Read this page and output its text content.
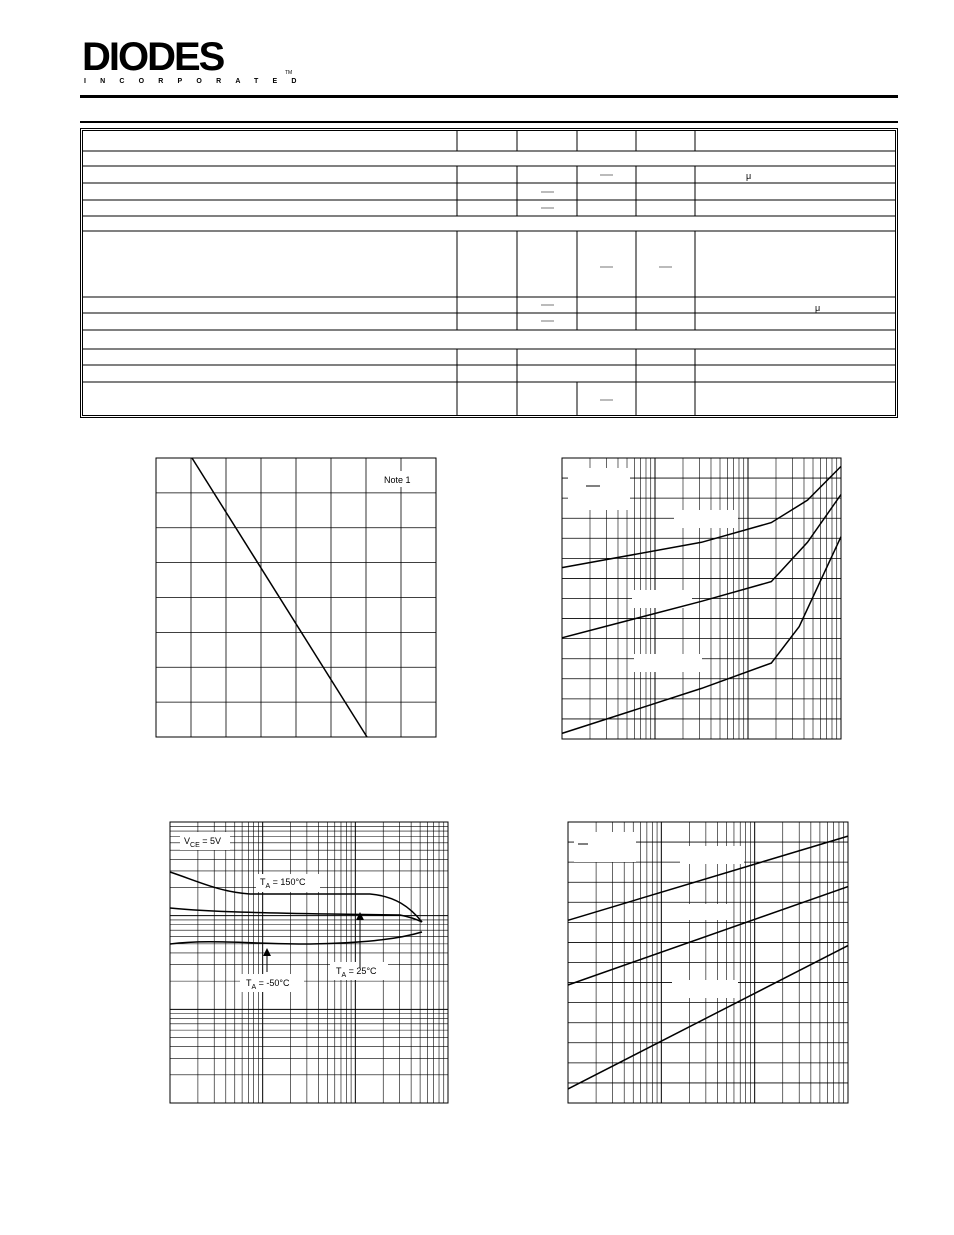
DIODES
INCORPORATED
TM
μ
μ
Note 1
$V_{CE} = 5V$
$T_A = 150^\circ C$
$T_A = 25^\circ C$
$T_A = -50^\circ C$
